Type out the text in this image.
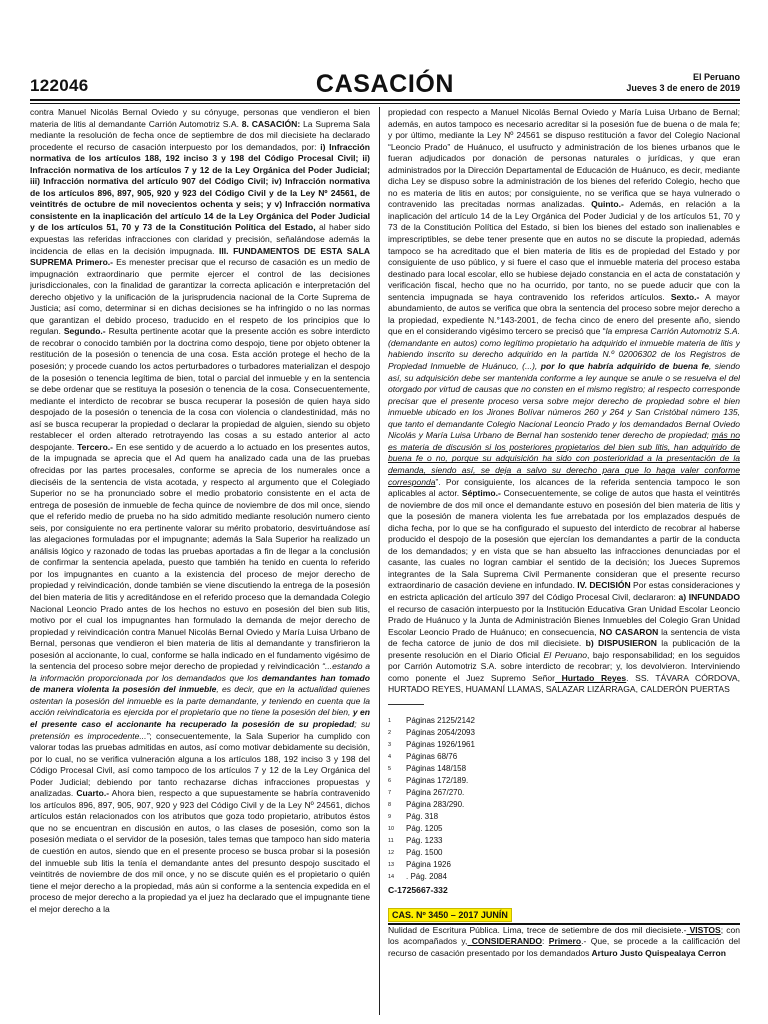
122046	CASACIÓN	El Peruano
Jueves 3 de enero de 2019

contra Manuel Nicolás Bernal Oviedo y su cónyuge, personas que vendieron el bien materia de litis al demandante Carrión Automotriz S.A. 8. CASACIÓN: La Suprema Sala mediante la resolución de fecha once de septiembre de dos mil diecisiete ha declarado procedente el recurso de casación interpuesto por los demandados, por: i) Infracción normativa de los artículos 188, 192 inciso 3 y 198 del Código Procesal Civil; ii) Infracción normativa de los artículos 7 y 12 de la Ley Orgánica del Poder Judicial; iii) Infracción normativa del artículo 907 del Código Civil; iv) Infracción normativa de los artículos 896, 897, 905, 920 y 923 del Código Civil y de la Ley Nº 24561, de veintitrés de octubre de mil novecientos ochenta y seis; y v) Infracción normativa consistente en la inaplicación del artículo 14 de la Ley Orgánica del Poder Judicial y de los artículos 51, 70 y 73 de la Constitución Política del Estado, al haber sido expuestas las referidas infracciones con claridad y precisión, señalándose además la incidencia de ellas en la decisión impugnada. III. FUNDAMENTOS DE ESTA SALA SUPREMA Primero.- Es menester precisar que el recurso de casación es un medio de impugnación extraordinario que permite ejercer el control de las decisiones jurisdiccionales, con la finalidad de garantizar la correcta aplicación e interpretación del derecho objetivo y la unificación de la jurisprudencia nacional de la Corte Suprema de Justicia; así como, determinar si en dichas decisiones se ha infringido o no las normas que garantizan el debido proceso, traducido en el respeto de los principios que lo regulan. Segundo.- Resulta pertinente acotar que la presente acción es sobre interdicto de recobrar o conocido también por la doctrina como despojo, tiene por objeto obtener la restitución de la posesión o tenencia de una cosa. Esta acción protege el hecho de la posesión; y procede cuando los actos perturbadores o turbadores materializan el despojo de la posesión o tenencia legítima de bien, total o parcial del inmueble y en la sentencia se debe ordenar que se restituya la posesión o tenencia de la cosa. Consecuentemente, mediante el interdicto de recobrar se busca recuperar la posesión de quien haya sido despojado de la posesión o tenencia de la cosa con violencia o clandestinidad, más no así se busca recuperar la propiedad o declarar la propiedad de alguien, siendo su objeto restablecer el orden alterado retrotrayendo las cosas a su estado anterior al acto despojante. Tercero.- En ese sentido y de acuerdo a lo actuado en los presentes autos, de la impugnada se aprecia que el Ad quem ha analizado cada una de las pruebas ofrecidas por las partes procesales, conforme se aprecia de los numerales once a dieciséis de la sentencia de vista acotada, y respecto al argumento que el Colegiado Superior no se ha pronunciado sobre el medio probatorio consistente en el acta de entrega de posesión de inmueble de fecha quince de noviembre de dos mil once, siendo que el referido medio de prueba no ha sido admitido mediante resolución numero ciento seis, por consiguiente no era pertinente valorar su mérito probatorio, desvirtuándose así las alegaciones formuladas por el impugnante; además la Sala Superior ha realizado un análisis lógico y razonado de todas las pruebas aportadas a fin de llegar a la conclusión de confirmar la sentencia apelada, puesto que también ha tenido en cuenta lo referido por los impugnantes en cuanto a la existencia del proceso de mejor derecho de propiedad y reivindicación, donde también se viene discutiendo la entrega de la posesión del bien materia de litis y acreditándose en el referido proceso que la demandada Colegio Nacional Leoncio Prado antes de los hechos no estuvo en posesión del bien sub litis, motivo por el cual los impugnantes han formulado la demanda de mejor derecho de propiedad y reivindicación contra Manuel Nicolás Bernal Oviedo y María Luisa Urbano de Bernal, personas que vendieron el bien materia de litis al demandante y transfirieron la posesión al accionante, lo cual, conforme se halla indicado en el fundamento vigésimo de la sentencia del proceso sobre mejor derecho de propiedad y reivindicación “...estando a la información proporcionada por los demandados que los demandantes han tomado de manera violenta la posesión del inmueble, es decir, que en la actualidad quienes ostentan la posesión del inmueble es la parte demandante, y teniendo en cuenta que la acción reivindicatoria es ejercida por el propietario que no tiene la posesión del bien, y en el presente caso el accionante ha recuperado la posesión de su propiedad; su pretensión es improcedente...”; consecuentemente, la Sala Superior ha cumplido con valorar todas las pruebas admitidas en autos, así como motivar debidamente su decisión, por lo cual, no se verifica vulneración alguna a los artículos 188, 192 inciso 3 y 198 del Código Procesal Civil, así como tampoco de los artículos 7 y 12 de la Ley Orgánica del Poder Judicial; debiendo por tanto rechazarse dichas infracciones propuestas y analizadas. Cuarto.- Ahora bien, respecto a que supuestamente se habría contravenido los artículos 896, 897, 905, 907, 920 y 923 del Código Civil y de la Ley Nº 24561, dichos artículos están relacionados con los atributos que goza todo propietario, atributos éstos que no se encuentran en discusión en autos, o las clases de posesión, como son la posesión mediata o el servidor de la posesión, tales temas que tampoco han sido materia de cuestión en autos, siendo que en el presente proceso se busca probar si la posesión del inmueble sub litis la tenía el demandante antes del presunto despojo suscitado el veintitrés de noviembre de dos mil once, y no se discute quién es el propietario o quién tiene el mejor derecho a la propiedad, más aún si conforme a la sentencia expedida en el proceso de mejor derecho a la propiedad ya el juez ha declarado que el impugnante tiene el mejor derecho a la

propiedad con respecto a Manuel Nicolás Bernal Oviedo y María Luisa Urbano de Bernal; además, en autos tampoco es necesario acreditar si la posesión fue de buena o de mala fe; y por último, mediante la Ley Nº 24561 se dispuso restitución a favor del Colegio Nacional “Leoncio Prado” de Huánuco, el usufructo y administración de los bienes urbanos que le fueran adjudicados por donación de personas naturales o jurídicas, y que eran administrados por la Dirección Departamental de Educación de Huánuco, es decir, mediante dicha Ley se dispuso sobre la administración de los bienes del referido Colegio, hecho que no es materia de litis en autos; por consiguiente, no se verifica que se haya vulnerado o contravenido las precitadas normas analizadas. Quinto.- Además, en relación a la inaplicación del artículo 14 de la Ley Orgánica del Poder Judicial y de los artículos 51, 70 y 73 de la Constitución Política del Estado, si bien los bienes del estado son inalienables e imprescriptibles, se debe tener presente que en autos no se discute la propiedad, además tampoco se ha acreditado que el bien materia de litis es de propiedad del Estado y por consiguiente de uso público, y si fuere el caso que el inmueble materia del proceso estaba destinado para local escolar, ello se hubiese dejado constancia en el acta de constatación y verificación fiscal, hecho que no ha ocurrido, por tanto, no se puede aducir que con la sentencia impugnada se haya contravenido los referidos artículos. Sexto.- A mayor abundamiento, de autos se verifica que obra la sentencia del proceso sobre mejor derecho a la propiedad, expediente N.°143-2001, de fecha cinco de enero del presente año, siendo que en el considerando vigésimo tercero se precisó que “la empresa Carrión Automotriz S.A. (demandante en autos) como legítimo propietario ha adquirido el inmueble materia de litis y habiendo inscrito su derecho adquirido en la partida N.º 02006302 de los Registros de Propiedad Inmueble de Huánuco, (...), por lo que habría adquirido de buena fe, siendo así, su adquisición debe ser mantenida conforme a ley aunque se anule o se resuelva el del otorgado por virtud de causas que no consten en el mismo registro; al respecto corresponde precisar que el presente proceso versa sobre mejor derecho de propiedad sobre el bien inmueble ubicado en los Jirones Bolívar números 260 y 264 y San Cristóbal número 135, que tanto el demandante Colegio Nacional Leoncio Prado y los demandados Bernal Oviedo Nicolás y María Luisa Urbano de Bernal han sostenido tener derecho de propiedad; más no es materia de discusión si los posteriores propietarios del bien sub litis, han adquirido de buena fe o no, porque su adquisición ha sido con posterioridad a la presentación de la demanda, siendo así, se deja a salvo su derecho para que lo haga valer conforme corresponda”. Por consiguiente, los alcances de la referida sentencia tampoco le son aplicables al actor. Séptimo.- Consecuentemente, se colige de autos que hasta el veintitrés de noviembre de dos mil once el demandante estuvo en posesión del bien materia de litis y que la posesión de manera violenta les fue arrebatada por los emplazados después de dicha fecha, por lo que se ha configurado el supuesto del interdicto de recobrar al haberse producido el despojo de la posesión que ejercían los demandantes a partir de la conducta de los demandados; y en vista que se han absuelto las infracciones denunciadas por el casante, las cuales no logran cambiar el sentido de la decisión; los Jueces Supremos integrantes de la Sala Suprema Civil Permanente consideran que el presente recurso extraordinario de casación deviene en infundado. IV. DECISIÓN Por estas consideraciones y en estricta aplicación del artículo 397 del Código Procesal Civil, declararon: a) INFUNDADO el recurso de casación interpuesto por la Institución Educativa Gran Unidad Escolar Leoncio Prado de Huánuco y la Junta de Administración Bienes Inmuebles del Colegio Gran Unidad Escolar Leoncio Prado de Huánuco; en consecuencia, NO CASARON la sentencia de vista de fecha catorce de junio de dos mil diecisiete. b) DISPUSIERON la publicación de la presente resolución en el Diario Oficial El Peruano, bajo responsabilidad; en los seguidos por Carrión Automotriz S.A. sobre interdicto de recobrar; y, los devolvieron. Interviniendo como ponente el Juez Supremo Señor Hurtado Reyes. SS. TÁVARA CÓRDOVA, HURTADO REYES, HUAMANÍ LLAMAS, SALAZAR LIZÁRRAGA, CALDERÓN PUERTAS

1	Páginas 2125/2142
2	Páginas 2054/2093
3	Páginas 1926/1961
4	Páginas 68/76
5	Páginas 148/158
6	Páginas 172/189.
7	Página 267/270.
8	Página 283/290.
9	Pág. 318
10	Pág. 1205
11	Pág. 1233
12	Pág. 1500
13	Página 1926
14	. Pág. 2084
C-1725667-332
CAS. Nº 3450 – 2017 JUNÍN

Nulidad de Escritura Pública. Lima, trece de setiembre de dos mil diecisiete.- VISTOS; con los acompañados y, CONSIDERANDO: Primero.- Que, se procede a la calificación del recurso de casación presentado por los demandados Arturo Justo Quispealaya Cerron
